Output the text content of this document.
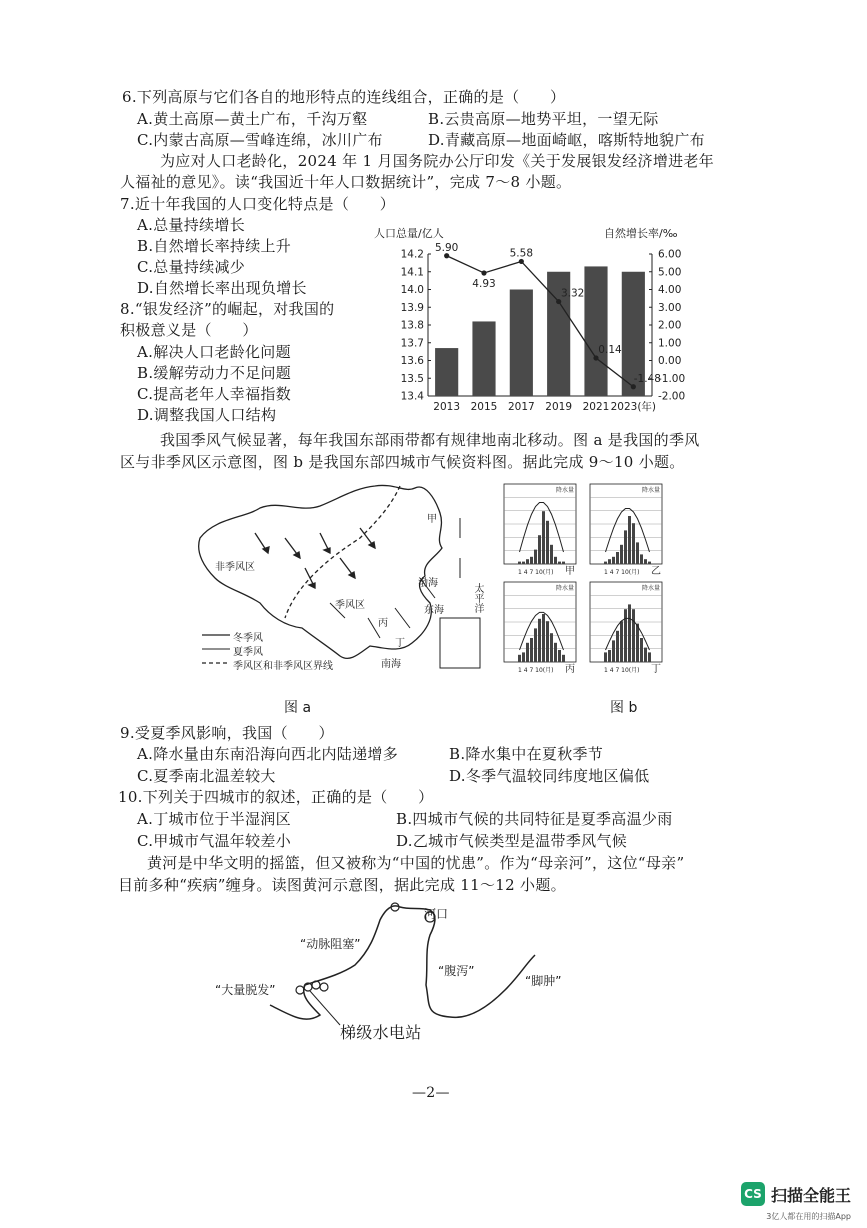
6.下列高原与它们各自的地形特点的连线组合，正确的是（　　）
A.黄土高原—黄土广布，千沟万壑	B.云贵高原—地势平坦，一望无际
C.内蒙古高原—雪峰连绵，冰川广布	D.青藏高原—地面崎岖，喀斯特地貌广布
为应对人口老龄化，2024 年 1 月国务院办公厅印发《关于发展银发经济增进老年
人福祉的意见》。读“我国近十年人口数据统计”，完成 7～8 小题。
7.近十年我国的人口变化特点是（　　）
A.总量持续增长
B.自然增长率持续上升
C.总量持续减少
D.自然增长率出现负增长
8.“银发经济”的崛起，对我国的
积极意义是（　　）
A.解决人口老龄化问题
B.缓解劳动力不足问题
C.提高老年人幸福指数
D.调整我国人口结构
人口总量/亿人	自然增长率/‰
14.2
14.1
14.0
13.9
13.8
13.7
13.6
13.5
13.4
6.00
5.00
4.00
3.00
2.00
1.00
0.00
-1.00
-2.00
2013 2015 2017 2019 2021 2023(年)
5.90
4.93
5.58
3.32
0.14
-1.48
我国季风气候显著，每年我国东部雨带都有规律地南北移动。图 a 是我国的季风
区与非季风区示意图，图 b 是我国东部四城市气候资料图。据此完成 9～10 小题。
非季风区
季风区
甲
丙
丁
渤海
东海
南海
太平洋
冬季风
夏季风
季风区和非季风区界线
甲
1 4 7 10(月)
降水量
乙
1 4 7 10(月)
降水量
丙
1 4 7 10(月)
降水量
丁
1 4 7 10(月)
降水量
图 a	图 b
9.受夏季风影响，我国（　　）
A.降水量由东南沿海向西北内陆递增多	B.降水集中在夏秋季节
C.夏季南北温差较大	D.冬季气温较同纬度地区偏低
10.下列关于四城市的叙述，正确的是（　　）
A.丁城市位于半湿润区	B.四城市气候的共同特征是夏季高温少雨
C.甲城市气温年较差小	D.乙城市气候类型是温带季风气候
黄河是中华文明的摇篮，但又被称为“中国的忧患”。作为“母亲河”，这位“母亲”
目前多种“疾病”缠身。读图黄河示意图，据此完成 11～12 小题。
河口
“动脉阻塞”
“腹泻”
“脚肿”
“大量脱发”
梯级水电站
—2—
CS 扫描全能王
3亿人都在用的扫描App
